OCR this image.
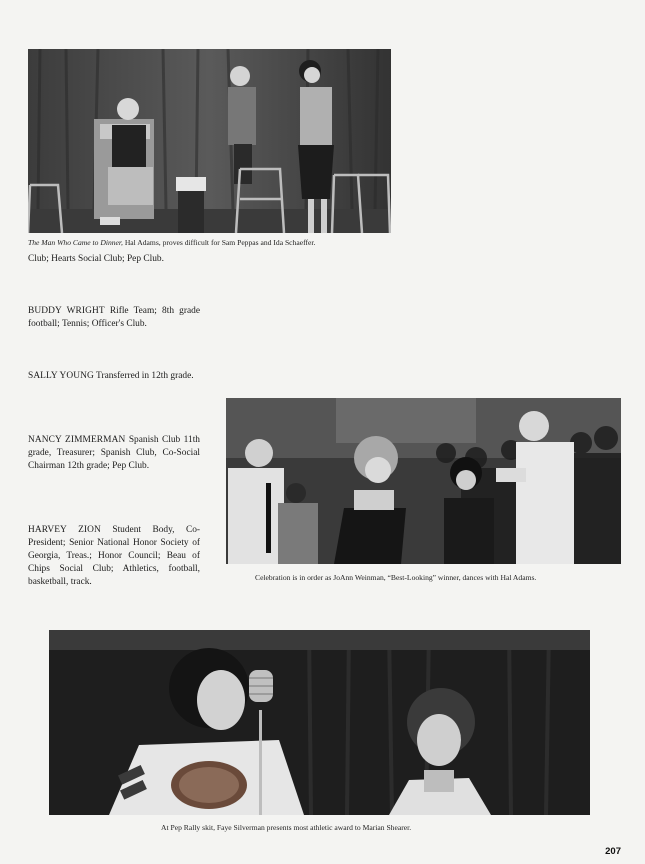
The Man Who Came to Dinner, Hal Adams, proves difficult for Sam Peppas and Ida Schaeffer.
Club; Hearts Social Club; Pep Club.
BUDDY WRIGHT Rifle Team; 8th grade football; Tennis; Officer's Club.
SALLY YOUNG Transferred in 12th grade.
NANCY ZIMMERMAN Spanish Club 11th grade, Treasurer; Spanish Club, Co-Social Chairman 12th grade; Pep Club.
HARVEY ZION Student Body, Co-President; Senior National Honor Society of Georgia, Treas.; Honor Council; Beau of Chips Social Club; Athletics, football, basketball, track.	Celebration is in order as JoAnn Weinman, “Best-Looking” winner, dances with Hal Adams.
At Pep Rally skit, Faye Silverman presents most athletic award to Marian Shearer.
207
